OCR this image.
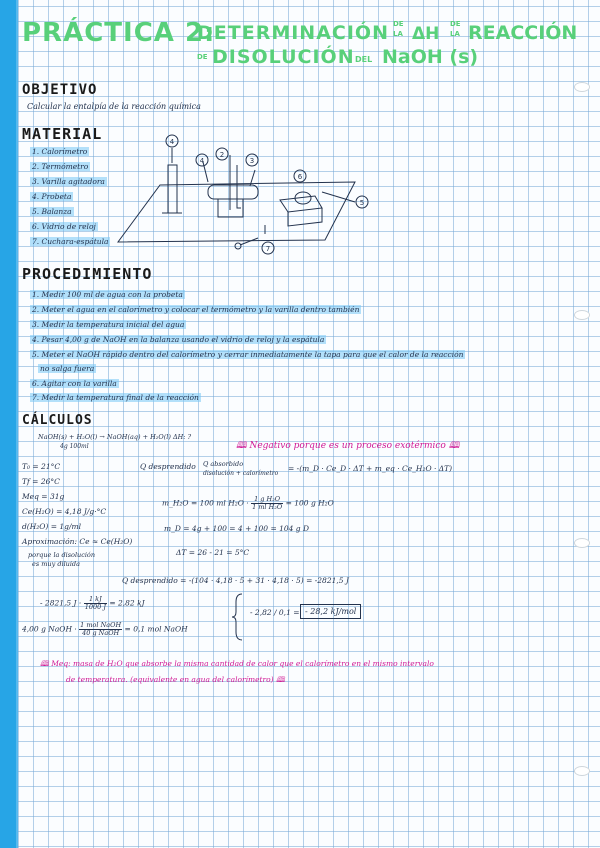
PRÁCTICA 2:
DETERMINACIÓN DE
LA ΔH DE
LA REACCIÓN
DE DISOLUCIÓN DEL NaOH (s)
OBJETIVO
Calcular la entalpía de la reacción química
MATERIAL
1. Calorímetro
2. Termómetro
3. Varilla agitadora
4. Probeta
5. Balanza
6. Vidrio de reloj
7. Cuchara-espátula
4
4
2
3
6
5
7
PROCEDIMIENTO
1. Medir 100 ml de agua con la probeta
2. Meter el agua en el calorímetro y colocar el termómetro y la varilla dentro también
3. Medir la temperatura inicial del agua
4. Pesar 4,00 g de NaOH en la balanza usando el vidrio de reloj y la espátula
5. Meter el NaOH rápido dentro del calorímetro y cerrar inmediatamente la tapa para que el calor de la reacción
no salga fuera
6. Agitar con la varilla
7. Medir la temperatura final de la reacción
CÁLCULOS
NaOH(s) + H₂O(l) → NaOH(aq) + H₂O(l) ΔH: ?
4g 100ml	🕮 Negativo porque es un proceso exotérmico 🕮
T₀ = 21°C
Tf = 26°C
Meq = 31g
Ce(H₂O) = 4,18 J/g·°C
d(H₂O) = 1g/ml
Aproximación: Ce ≈ Ce(H₂O)
porque la disolución
es muy diluida
Q desprendido Q absorbido
disolución + calorímetro
= -(m_D · Ce_D · ΔT + m_eq · Ce_H₂O · ΔT)
m_H₂O = 100 ml $H_2O \cdot \frac{\text{1 g H₂O}}{\text{1 ml H₂O}} = 100$ g H₂O
m_D = 4g + 100 = 4 + 100 = 104 g D
ΔT = 26 - 21 = 5°C
Q desprendido = -(104 · 4,18 · 5 + 31 · 4,18 · 5) = -2821,5 J
- 2821,5 $J \cdot \frac{1 kJ}{1000 J} = 2,82$ kJ
4,00 g NaOH · $\frac{\text{1 mol NaOH}}{\text{40 g NaOH}} = 0,1$ mol NaOH
- 2,82 / 0,1 = - 28,2 kJ/mol
🕮 Meq: masa de H₂O que absorbe la misma cantidad de calor que el calorímetro en el mismo intervalo
de temperatura. (equivalente en agua del calorímetro) 🕮
